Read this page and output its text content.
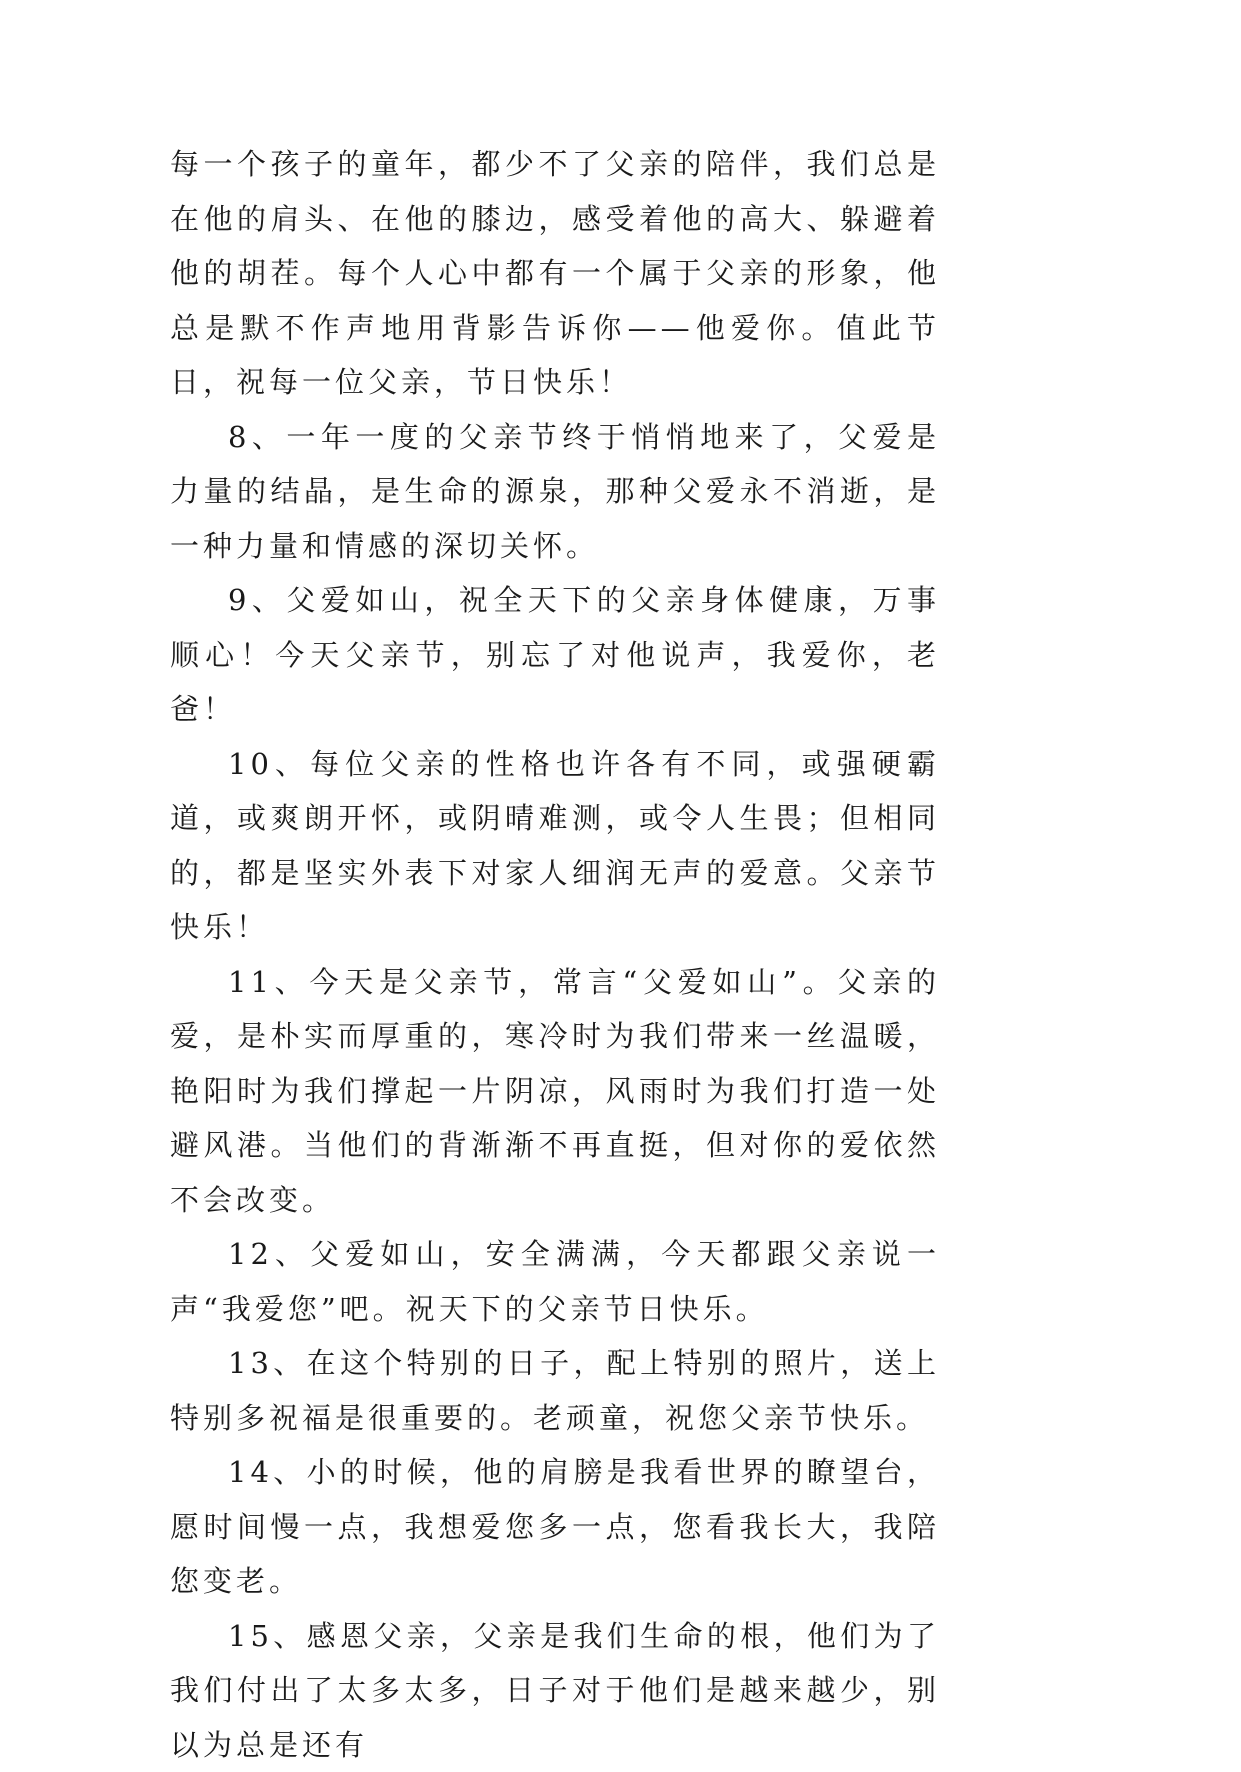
每一个孩子的童年，都少不了父亲的陪伴，我们总是在他的肩头、在他的膝边，感受着他的高大、躲避着他的胡茬。每个人心中都有一个属于父亲的形象，他总是默不作声地用背影告诉你——他爱你。值此节日，祝每一位父亲，节日快乐！

8、一年一度的父亲节终于悄悄地来了，父爱是力量的结晶，是生命的源泉，那种父爱永不消逝，是一种力量和情感的深切关怀。

9、父爱如山，祝全天下的父亲身体健康，万事顺心！今天父亲节，别忘了对他说声，我爱你，老爸！

10、每位父亲的性格也许各有不同，或强硬霸道，或爽朗开怀，或阴晴难测，或令人生畏；但相同的，都是坚实外表下对家人细润无声的爱意。父亲节快乐！

11、今天是父亲节，常言“父爱如山”。父亲的爱，是朴实而厚重的，寒冷时为我们带来一丝温暖，艳阳时为我们撑起一片阴凉，风雨时为我们打造一处避风港。当他们的背渐渐不再直挺，但对你的爱依然不会改变。

12、父爱如山，安全满满，今天都跟父亲说一声“我爱您”吧。祝天下的父亲节日快乐。

13、在这个特别的日子，配上特别的照片，送上特别多祝福是很重要的。老顽童，祝您父亲节快乐。

14、小的时候，他的肩膀是我看世界的瞭望台，愿时间慢一点，我想爱您多一点，您看我长大，我陪您变老。

15、感恩父亲，父亲是我们生命的根，他们为了我们付出了太多太多，日子对于他们是越来越少，别以为总是还有
